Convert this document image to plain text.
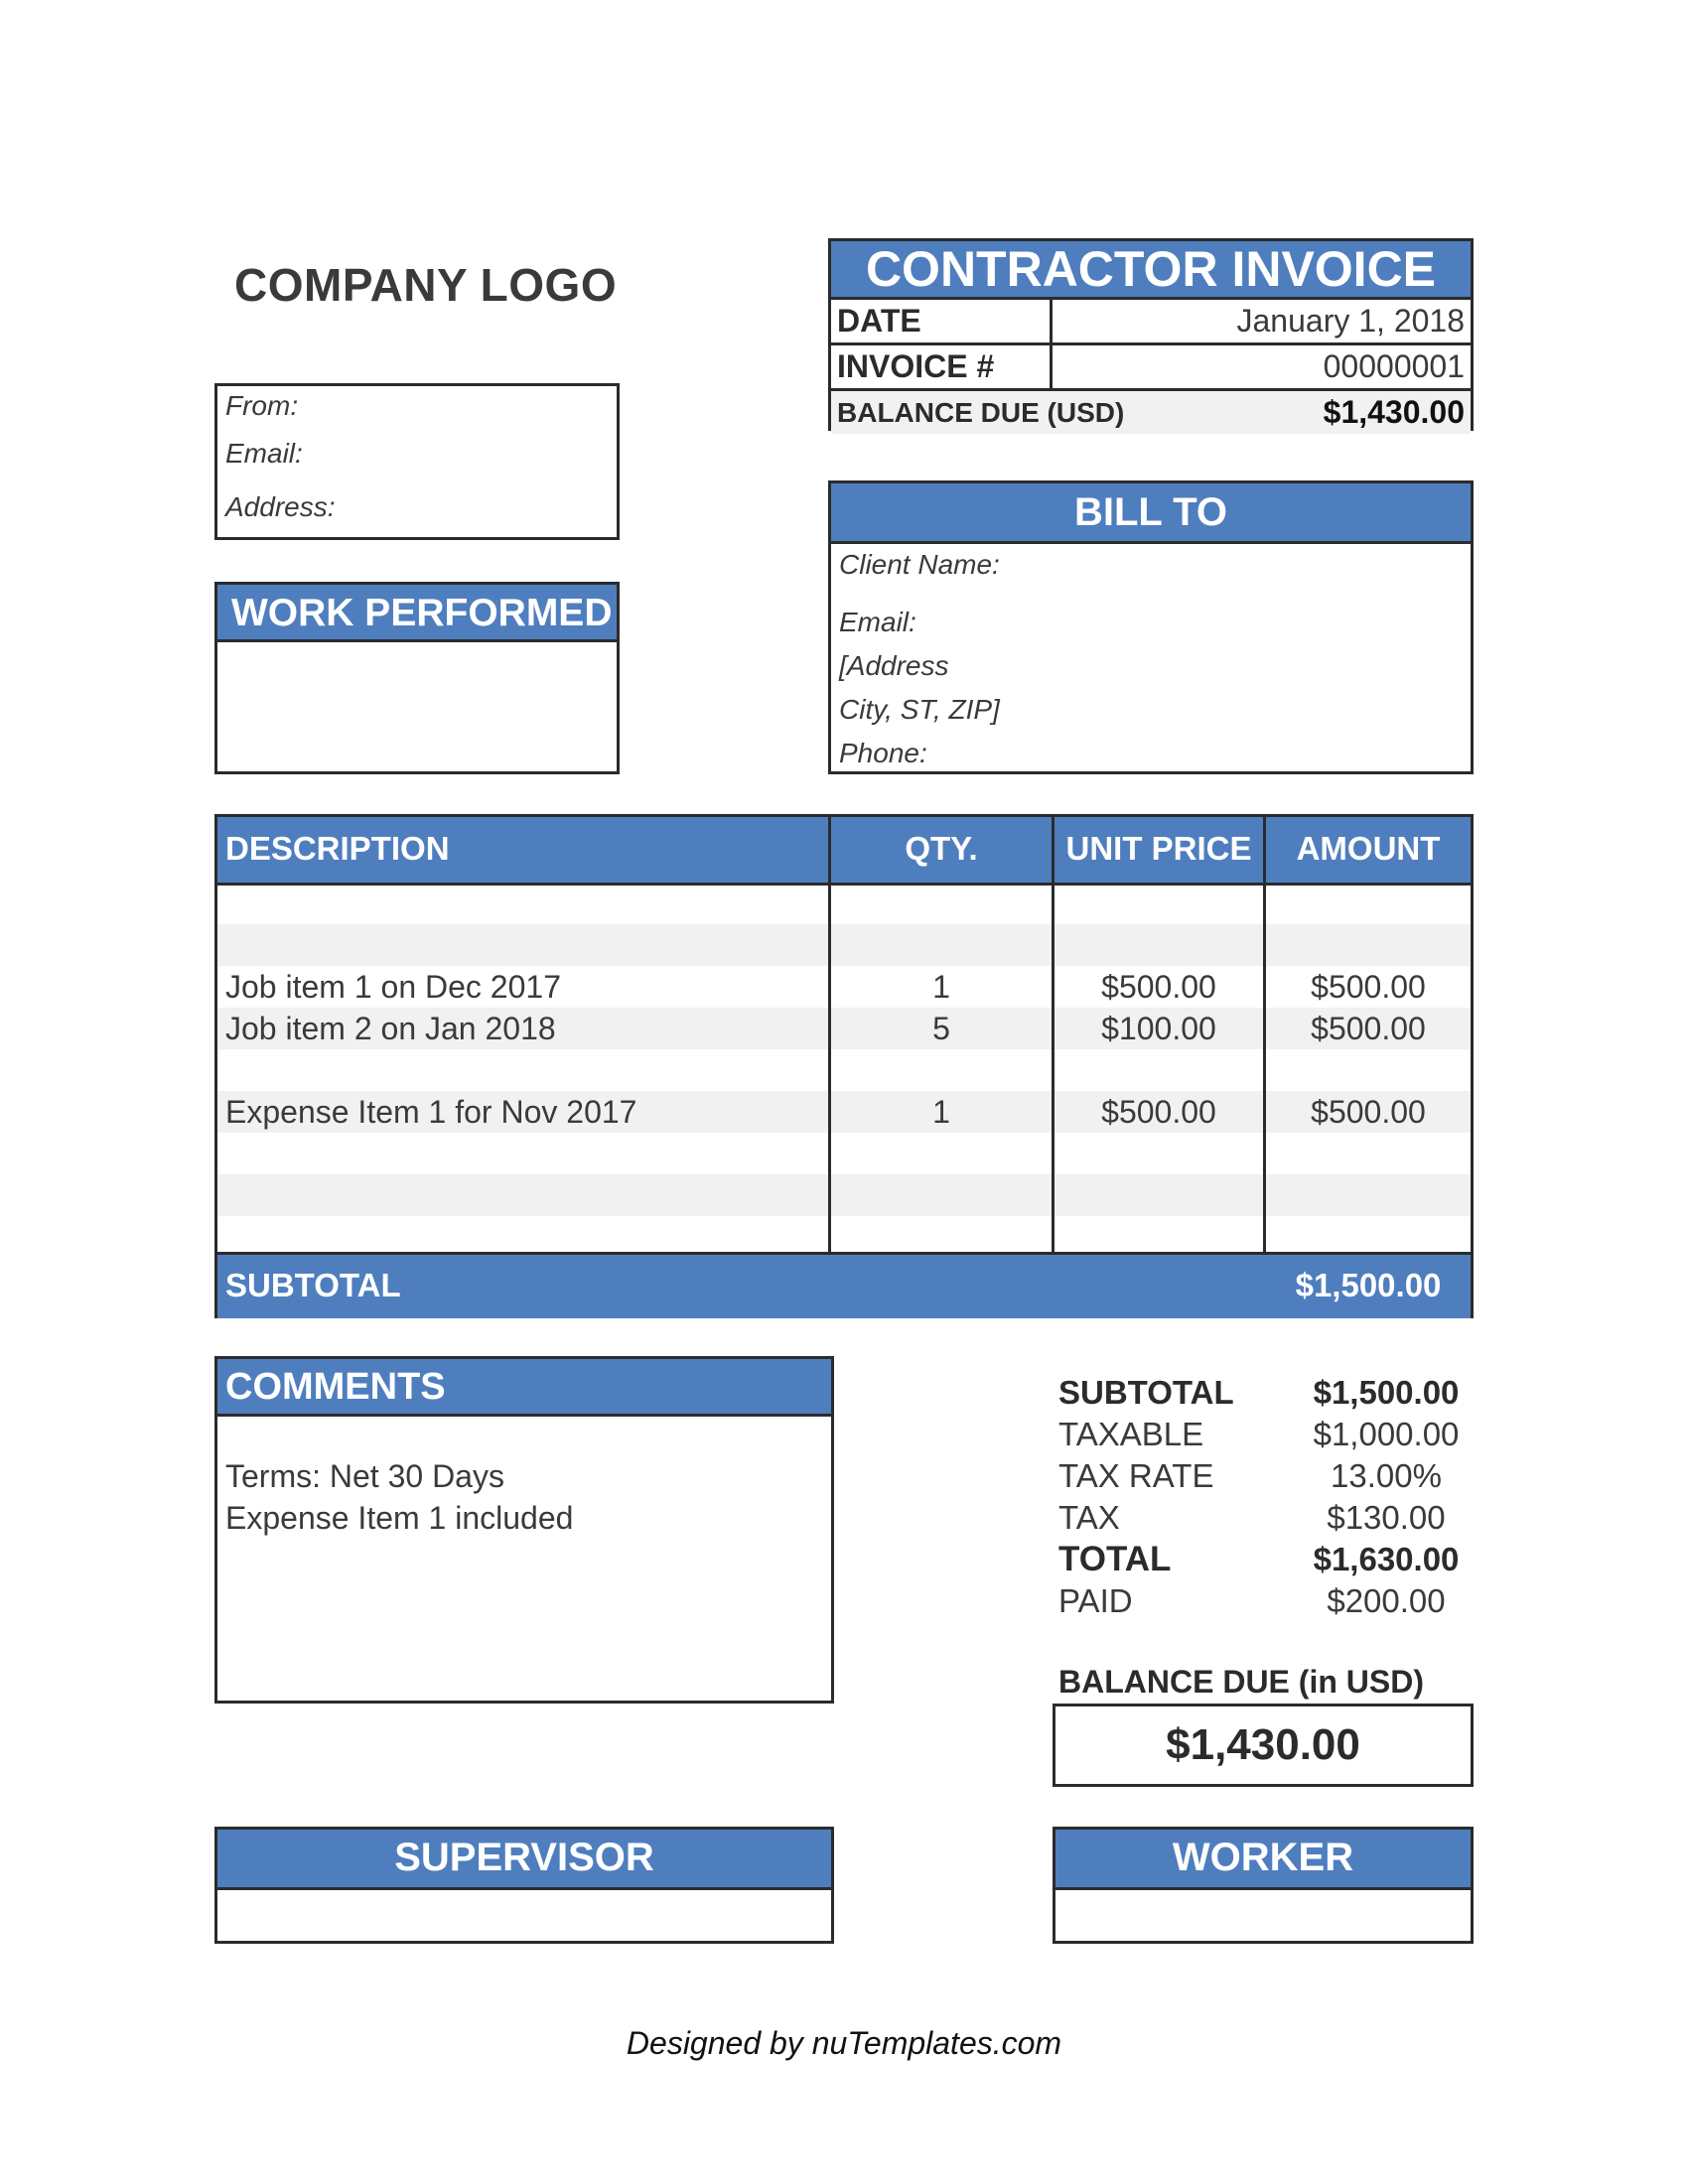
COMPANY LOGO
From:
Email:
Address:
CONTRACTOR INVOICE
DATE	January 1, 2018
INVOICE #	00000001
BALANCE DUE (USD)	$1,430.00
BILL TO
Client Name:
Email:
[Address
City, ST, ZIP]
Phone:
WORK PERFORMED
DESCRIPTION	QTY.	UNIT PRICE	AMOUNT
Job item 1 on Dec 2017	1	$500.00	$500.00
Job item 2 on Jan 2018	5	$100.00	$500.00
Expense Item 1 for Nov 2017	1	$500.00	$500.00
SUBTOTAL	$1,500.00
COMMENTS
Terms: Net 30 Days
Expense Item 1 included
SUBTOTAL	$1,500.00
TAXABLE	$1,000.00
TAX RATE	13.00%
TAX	$130.00
TOTAL	$1,630.00
PAID	$200.00
BALANCE DUE (in USD)
$1,430.00
SUPERVISOR	WORKER
Designed by nuTemplates.com
